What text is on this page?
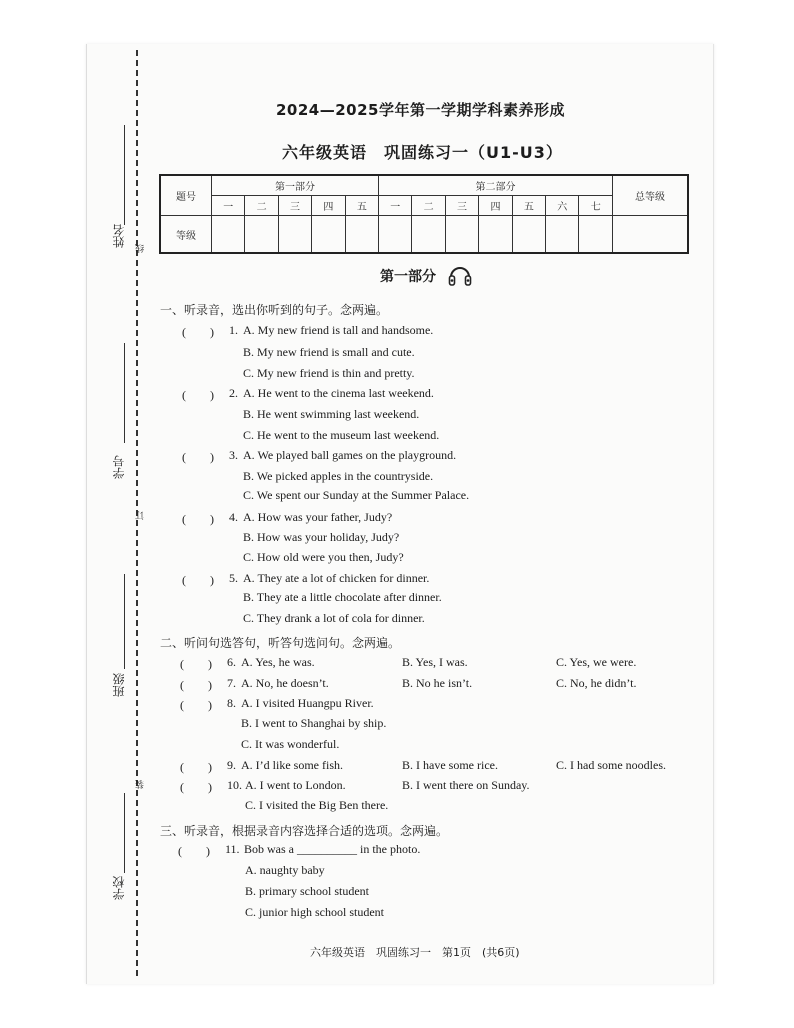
姓名
学号
班级
学校
线
订
装
2024—2025学年第一学期学科素养形成
六年级英语　巩固练习一（U1-U3）
题号	第一部分					第二部分							总等级
	一	二	三	四	五	一	二	三	四	五	六	七	
等级													
第一部分
一、听录音，选出你听到的句子。念两遍。
(　　) 1. A. My new friend is tall and handsome.
B. My new friend is small and cute.
C. My new friend is thin and pretty.
(　　) 2. A. He went to the cinema last weekend.
B. He went swimming last weekend.
C. He went to the museum last weekend.
(　　) 3. A. We played ball games on the playground.
B. We picked apples in the countryside.
C. We spent our Sunday at the Summer Palace.
(　　) 4. A. How was your father, Judy?
B. How was your holiday, Judy?
C. How old were you then, Judy?
(　　) 5. A. They ate a lot of chicken for dinner.
B. They ate a little chocolate after dinner.
C. They drank a lot of cola for dinner.
二、听问句选答句，听答句选问句。念两遍。
(　　) 6. A. Yes, he was.	B. Yes, I was.	C. Yes, we were.
(　　) 7. A. No, he doesn’t.	B. No he isn’t.	C. No, he didn’t.
(　　) 8. A. I visited Huangpu River.
B. I went to Shanghai by ship.
C. It was wonderful.
(　　) 9. A. I’d like some fish.	B. I have some rice.	C. I had some noodles.
(　　) 10. A. I went to London.	B. I went there on Sunday.
C. I visited the Big Ben there.
三、听录音，根据录音内容选择合适的选项。念两遍。
(　　) 11. Bob was a __________ in the photo.
A. naughty baby
B. primary school student
C. junior high school student
六年级英语　巩固练习一　第1页　(共6页)
